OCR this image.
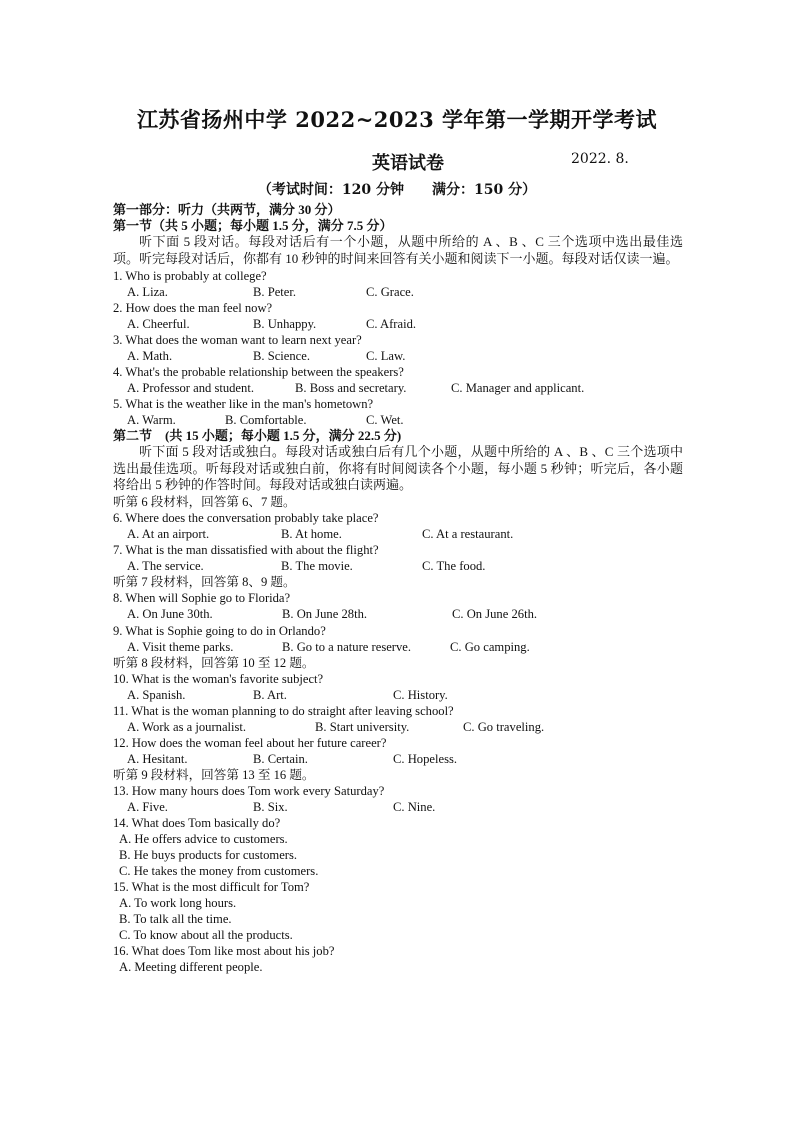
江苏省扬州中学 2022~2023 学年第一学期开学考试
英语试卷	2022. 8.
（考试时间：120 分钟　　满分：150 分）
第一部分：听力（共两节，满分 30 分）
第一节（共 5 小题；每小题 1.5 分，满分 7.5 分）
听下面 5 段对话。每段对话后有一个小题，从题中所给的 A 、B 、C 三个选项中选出最佳选项。听完每段对话后，你都有 10 秒钟的时间来回答有关小题和阅读下一小题。每段对话仅读一遍。
1. Who is probably at college?
A. Liza.	B. Peter.	C. Grace.
2. How does the man feel now?
A. Cheerful.	B. Unhappy.	C. Afraid.
3. What does the woman want to learn next year?
A. Math.	B. Science.	C. Law.
4. What's the probable relationship between the speakers?
A. Professor and student.	B. Boss and secretary.	C. Manager and applicant.
5. What is the weather like in the man's hometown?
A. Warm.	B. Comfortable.	C. Wet.
第二节　(共 15 小题；每小题 1.5 分，满分 22.5 分)
听下面 5 段对话或独白。每段对话或独白后有几个小题，从题中所给的 A 、B 、C 三个选项中选出最佳选项。听每段对话或独白前，你将有时间阅读各个小题，每小题 5 秒钟；听完后，各小题将给出 5 秒钟的作答时间。每段对话或独白读两遍。
听第 6 段材料，回答第 6、7 题。
6. Where does the conversation probably take place?
A. At an airport.	B. At home.	C. At a restaurant.
7. What is the man dissatisfied with about the flight?
A. The service.	B. The movie.	C. The food.
听第 7 段材料，回答第 8、9 题。
8. When will Sophie go to Florida?
A. On June 30th.	B. On June 28th.	C. On June 26th.
9. What is Sophie going to do in Orlando?
A. Visit theme parks.	B. Go to a nature reserve.	C. Go camping.
听第 8 段材料，回答第 10 至 12 题。
10. What is the woman's favorite subject?
A. Spanish.	B. Art.	C. History.
11. What is the woman planning to do straight after leaving school?
A. Work as a journalist.	B. Start university.	C. Go traveling.
12. How does the woman feel about her future career?
A. Hesitant.	B. Certain.	C. Hopeless.
听第 9 段材料，回答第 13 至 16 题。
13. How many hours does Tom work every Saturday?
A. Five.	B. Six.	C. Nine.
14. What does Tom basically do?
A. He offers advice to customers.
B. He buys products for customers.
C. He takes the money from customers.
15. What is the most difficult for Tom?
A. To work long hours.
B. To talk all the time.
C. To know about all the products.
16. What does Tom like most about his job?
A. Meeting different people.
